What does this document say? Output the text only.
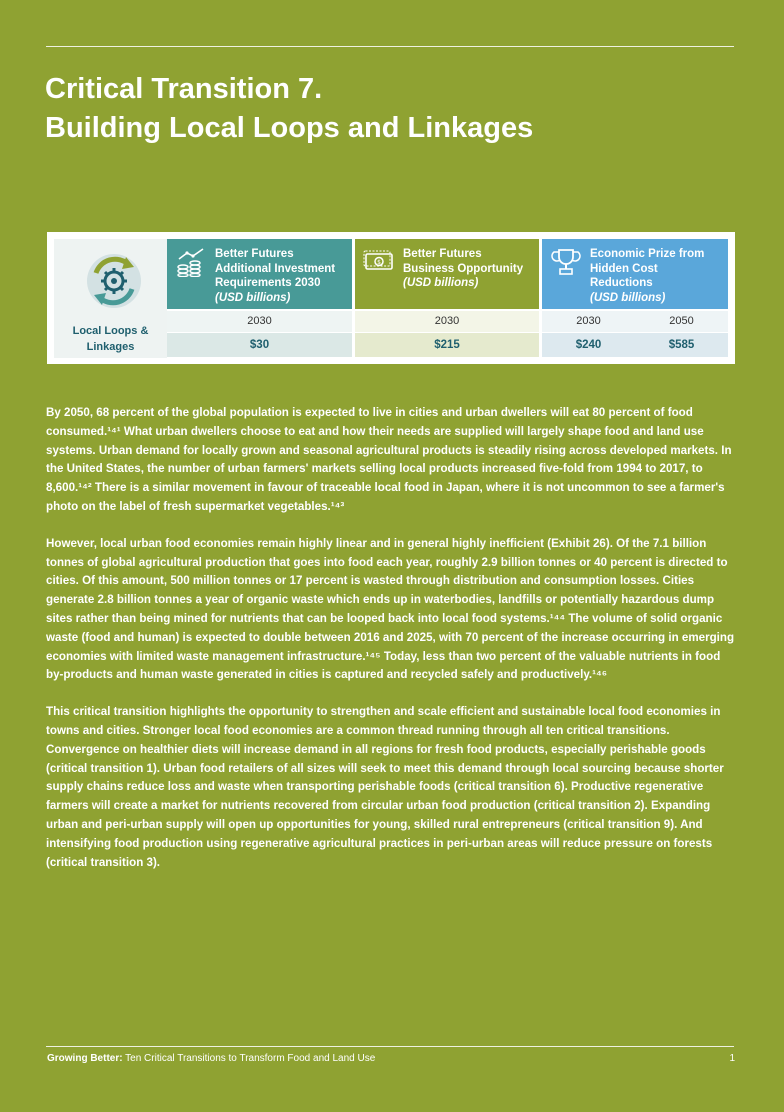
Critical Transition 7.
Building Local Loops and Linkages
Local Loops & Linkages
Better Futures Additional Investment Requirements 2030
(USD billions)
2030
$30
$
Better Futures Business Opportunity
(USD billions)
2030
$215
Economic Prize from Hidden Cost Reductions
(USD billions)
2030	2050
$240	$585

By 2050, 68 percent of the global population is expected to live in cities and urban dwellers will eat 80 percent of food consumed.¹⁴¹ What urban dwellers choose to eat and how their needs are supplied will largely shape food and land use systems. Urban demand for locally grown and seasonal agricultural products is steadily rising across developed markets. In the United States, the number of urban farmers' markets selling local products increased five-fold from 1994 to 2017, to 8,600.¹⁴² There is a similar movement in favour of traceable local food in Japan, where it is not uncommon to see a farmer's photo on the label of fresh supermarket vegetables.¹⁴³

However, local urban food economies remain highly linear and in general highly inefficient (Exhibit 26). Of the 7.1 billion tonnes of global agricultural production that goes into food each year, roughly 2.9 billion tonnes or 40 percent is directed to cities. Of this amount, 500 million tonnes or 17 percent is wasted through distribution and consumption losses. Cities generate 2.8 billion tonnes a year of organic waste which ends up in waterbodies, landfills or potentially hazardous dump sites rather than being mined for nutrients that can be looped back into local food systems.¹⁴⁴ The volume of solid organic waste (food and human) is expected to double between 2016 and 2025, with 70 percent of the increase occurring in emerging economies with limited waste management infrastructure.¹⁴⁵ Today, less than two percent of the valuable nutrients in food by-products and human waste generated in cities is captured and recycled safely and productively.¹⁴⁶

This critical transition highlights the opportunity to strengthen and scale efficient and sustainable local food economies in towns and cities. Stronger local food economies are a common thread running through all ten critical transitions. Convergence on healthier diets will increase demand in all regions for fresh food products, especially perishable goods (critical transition 1). Urban food retailers of all sizes will seek to meet this demand through local sourcing because shorter supply chains reduce loss and waste when transporting perishable foods (critical transition 6). Productive regenerative farmers will create a market for nutrients recovered from circular urban food production (critical transition 2). Expanding urban and peri-urban supply will open up opportunities for young, skilled rural entrepreneurs (critical transition 9). And intensifying food production using regenerative agricultural practices in peri-urban areas will reduce pressure on forests (critical transition 3).

Growing Better: Ten Critical Transitions to Transform Food and Land Use	1
